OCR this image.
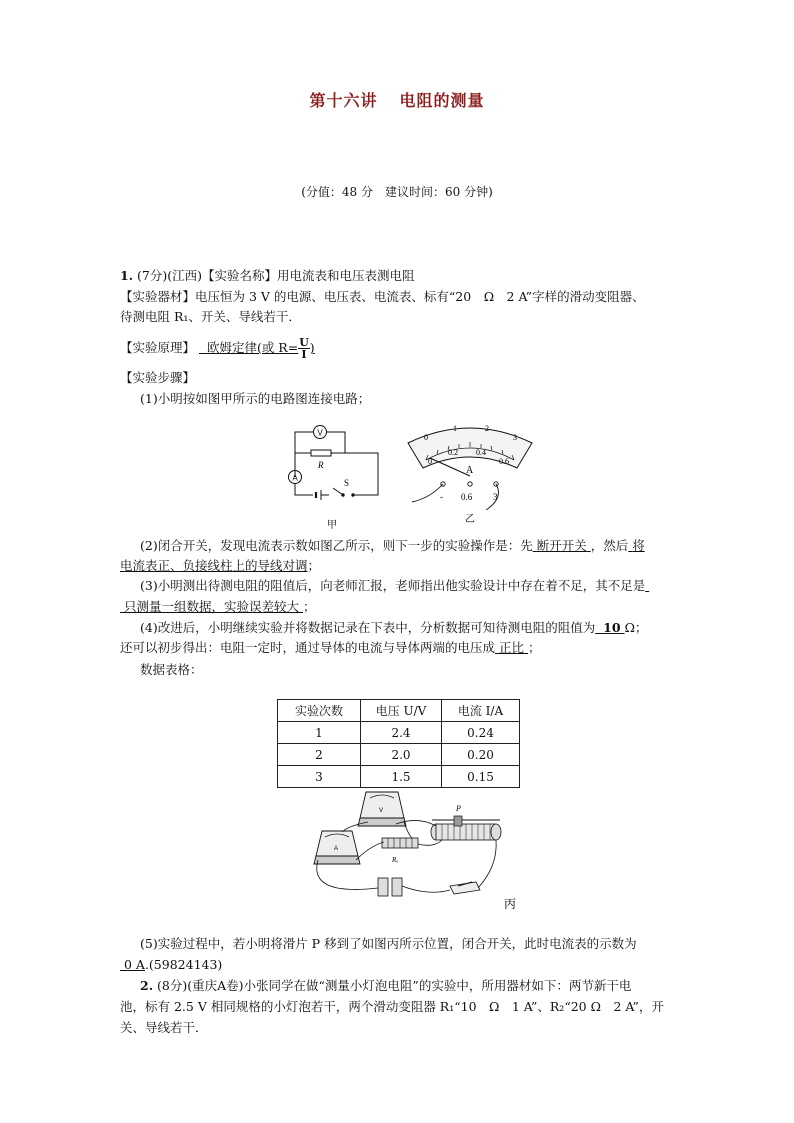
第十六讲 电阻的测量
(分值：48 分　建议时间：60 分钟)
1. (7分)(江西)【实验名称】用电流表和电压表测电阻
【实验器材】电压恒为 3 V 的电源、电压表、电流表、标有“20　Ω　2 A”字样的滑动变阻器、
待测电阻 R₁、开关、导线若干．
【实验原理】 欧姆定律(或 $R= \frac{U}{I}$ )
【实验步骤】
(1)小明按如图甲所示的电路图连接电路；
V
A
R
S
甲
0
1	2
3
0
0.2 0.4
0.6
A
- 0.6 3
乙
(2)闭合开关，发现电流表示数如图乙所示，则下一步的实验操作是：先 断开开关 ，然后 将
电流表正、负接线柱上的导线对调；
(3)小明测出待测电阻的阻值后，向老师汇报，老师指出他实验设计中存在着不足，其不足是
只测量一组数据，实验误差较大 ；
(4)改进后，小明继续实验并将数据记录在下表中，分析数据可知待测电阻的阻值为 10 Ω；
还可以初步得出：电阻一定时，通过导体的电流与导体两端的电压成 正比 ；
数据表格：
实验次数	电压 U/V	电流 I/A
1	2.4	0.24
2	2.0	0.20
3	1.5	0.15
V
A
Rₓ
P
丙
(5)实验过程中，若小明将滑片 P 移到了如图丙所示位置，闭合开关，此时电流表的示数为
0 A.(59824143)
2. (8分)(重庆A卷)小张同学在做“测量小灯泡电阻”的实验中，所用器材如下：两节新干电
池，标有 2.5 V 相同规格的小灯泡若干，两个滑动变阻器 R₁“10　Ω　1 A”、R₂“20 Ω　2 A”，开
关、导线若干．
